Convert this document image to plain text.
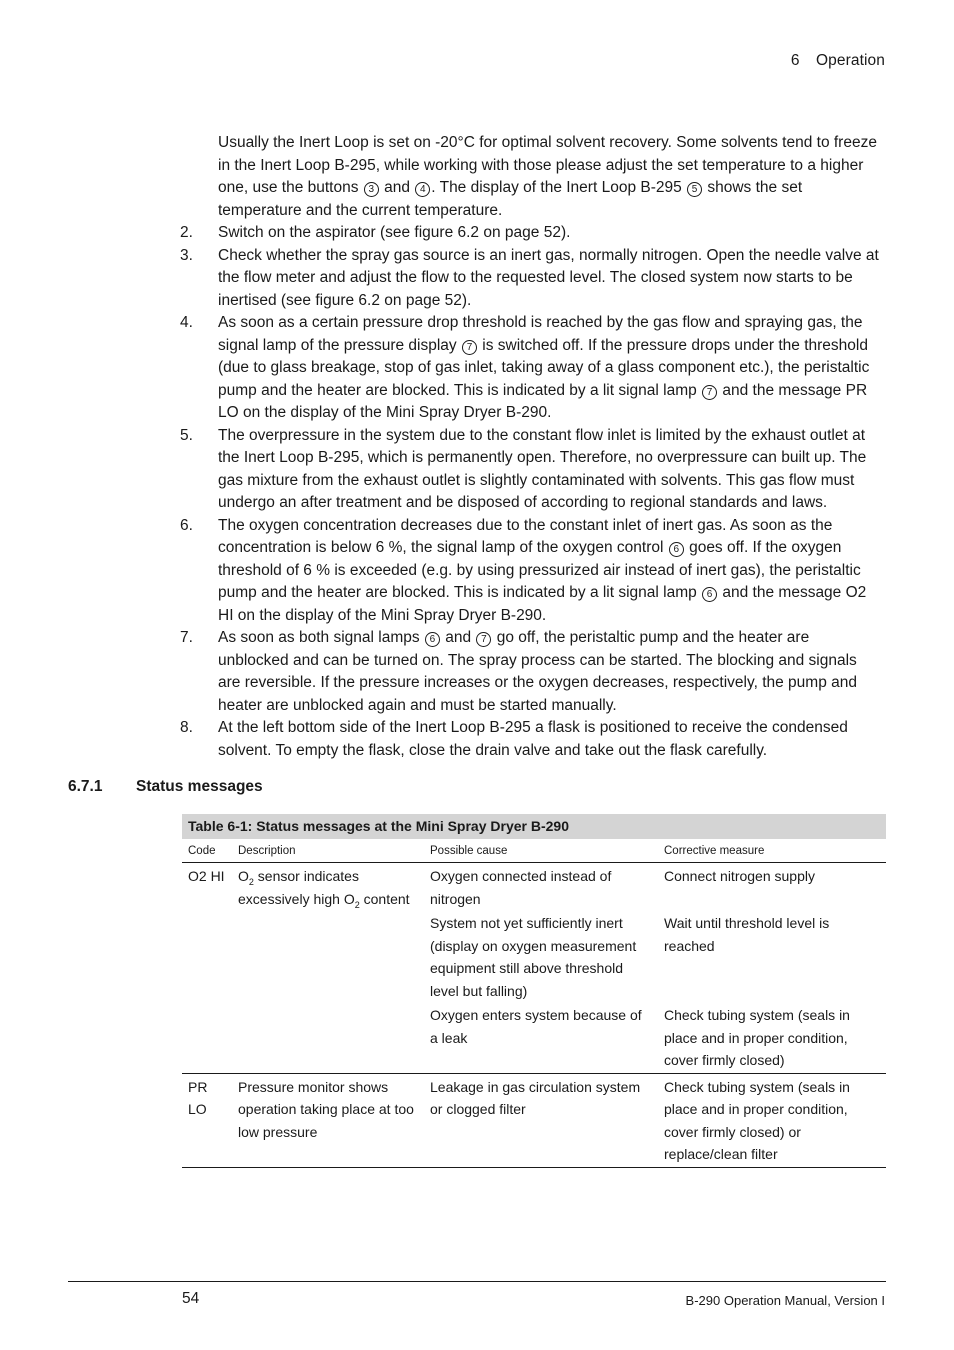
6 Operation

Usually the Inert Loop is set on -20°C for optimal solvent recovery. Some solvents tend to freeze in the Inert Loop B-295, while working with those please adjust the set temperature to a higher one, use the buttons 3 and 4 . The display of the Inert Loop B-295 5 shows the set temperature and the current temperature.

2. Switch on the aspirator (see figure 6.2 on page 52).
3. Check whether the spray gas source is an inert gas, normally nitrogen. Open the needle valve at the flow meter and adjust the flow to the requested level. The closed system now starts to be inertised (see figure 6.2 on page 52).
4. As soon as a certain pressure drop threshold is reached by the gas flow and spraying gas, the signal lamp of the pressure display 7 is switched off. If the pressure drops under the threshold (due to glass breakage, stop of gas inlet, taking away of a glass component etc.), the peristaltic pump and the heater are blocked. This is indicated by a lit signal lamp 7 and the message PR LO on the display of the Mini Spray Dryer B-290.
5. The overpressure in the system due to the constant flow inlet is limited by the exhaust outlet at the Inert Loop B-295, which is permanently open. Therefore, no overpressure can built up. The gas mixture from the exhaust outlet is slightly contaminated with solvents. This gas flow must undergo an after treatment and be disposed of according to regional standards and laws.
6. The oxygen concentration decreases due to the constant inlet of inert gas. As soon as the concentration is below 6 %, the signal lamp of the oxygen control 6 goes off. If the oxygen threshold of 6 % is exceeded (e.g. by using pressurized air instead of inert gas), the peristaltic pump and the heater are blocked. This is indicated by a lit signal lamp 6 and the message O2 HI on the display of the Mini Spray Dryer B-290.
7. As soon as both signal lamps 6 and 7 go off, the peristaltic pump and the heater are unblocked and can be turned on. The spray process can be started. The blocking and signals are reversible. If the pressure increases or the oxygen decreases, respectively, the pump and heater are unblocked again and must be started manually.
8. At the left bottom side of the Inert Loop B-295 a flask is positioned to receive the condensed solvent. To empty the flask, close the drain valve and take out the flask carefully.
6.7.1 Status messages
Table 6-1: Status messages at the Mini Spray Dryer B-290
Code	Description	Possible cause	Corrective measure
O2 HI	$O_2$ sensor indicates excessively high $O_2$ content	Oxygen connected instead of nitrogen	Connect nitrogen supply
		System not yet sufficiently inert (display on oxygen measurement equipment still above threshold level but falling)	Wait until threshold level is reached
		Oxygen enters system because of a leak	Check tubing system (seals in place and in proper condition, cover firmly closed)
PR LO	Pressure monitor shows operation taking place at too low pressure	Leakage in gas circulation system or clogged filter	Check tubing system (seals in place and in proper condition, cover firmly closed) or replace/clean filter
54	B-290 Operation Manual, Version I
